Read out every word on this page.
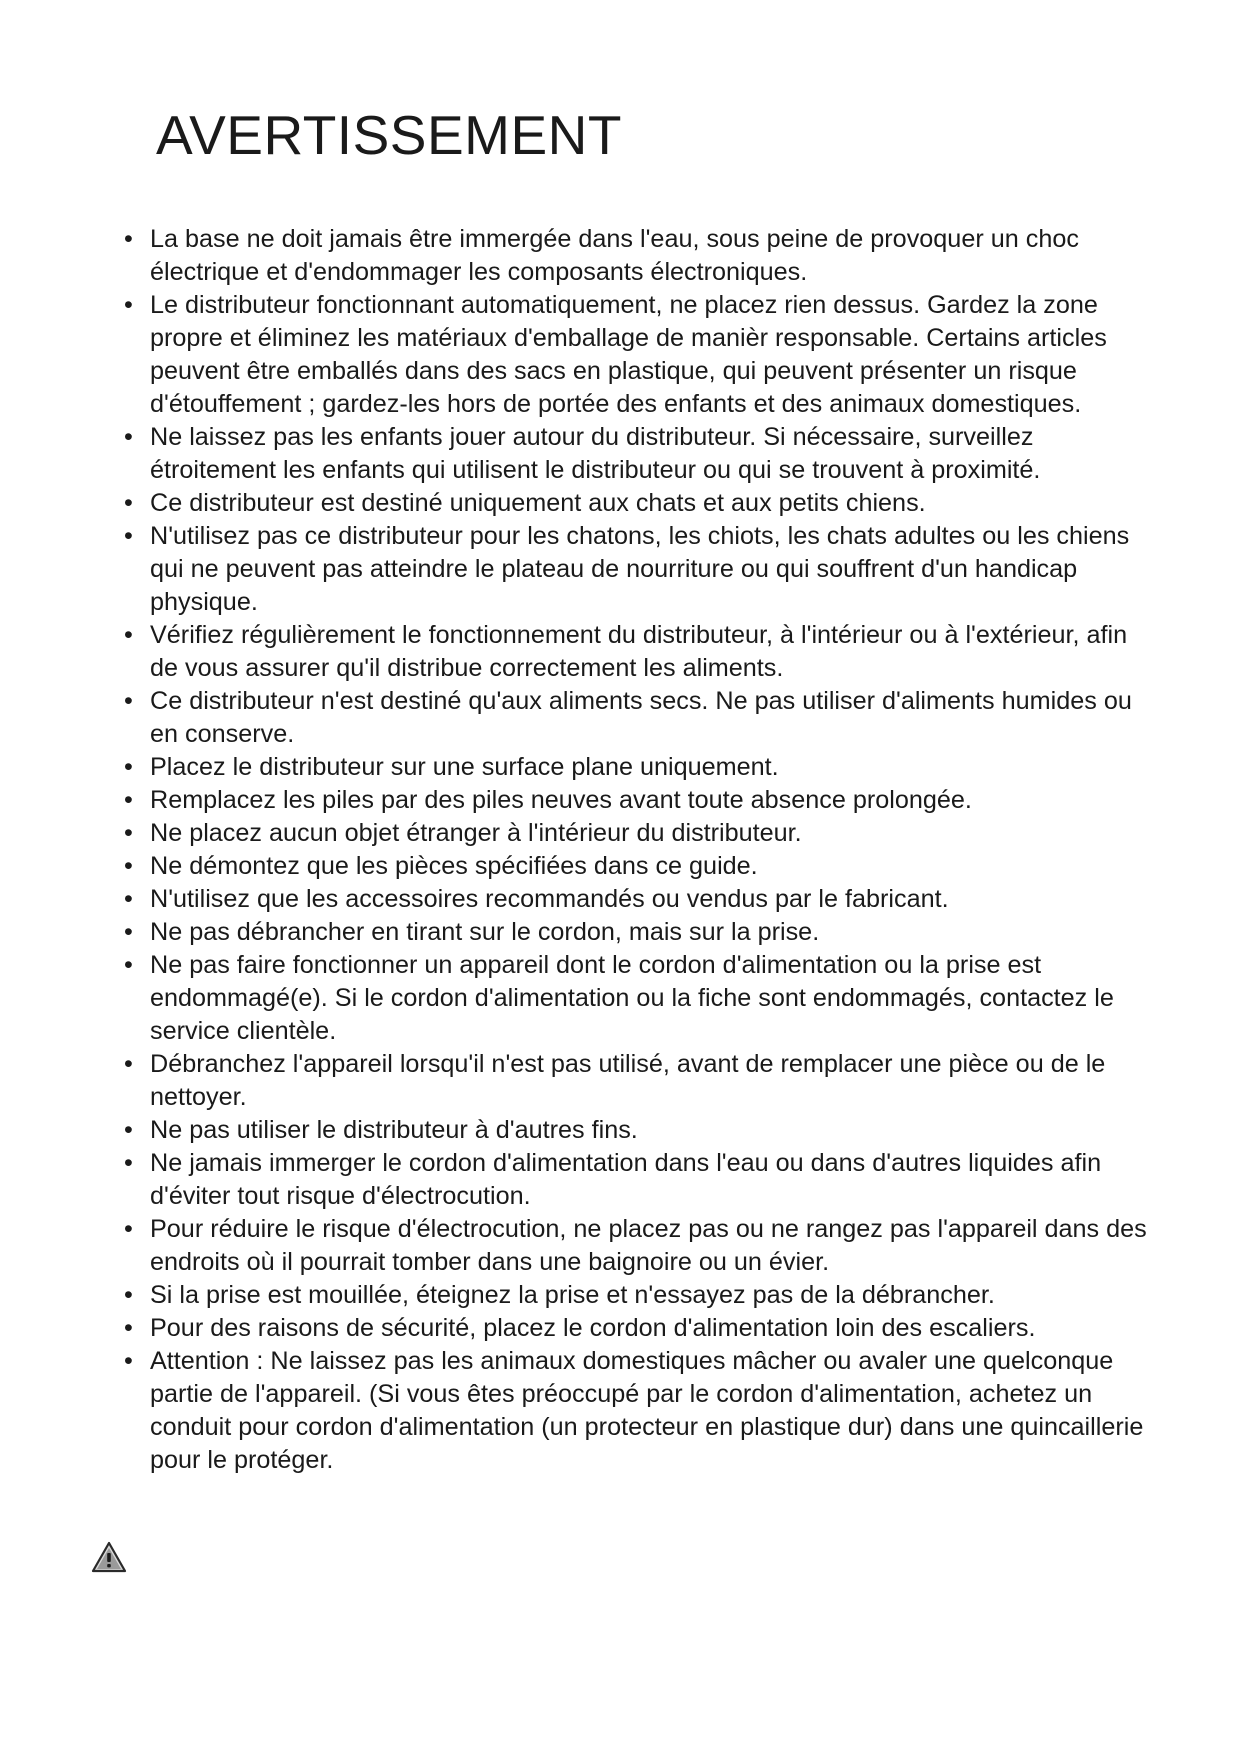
AVERTISSEMENT
• La base ne doit jamais être immergée dans l'eau, sous peine de provoquer un choc électrique et d'endommager les composants électroniques.
• Le distributeur fonctionnant automatiquement, ne placez rien dessus. Gardez la zone propre et éliminez les matériaux d'emballage de manièr responsable. Certains articles peuvent être emballés dans des sacs en plastique, qui peuvent présenter un risque d'étouffement ; gardez-les hors de portée des enfants et des animaux domestiques.
• Ne laissez pas les enfants jouer autour du distributeur. Si nécessaire, surveillez étroitement les enfants qui utilisent le distributeur ou qui se trouvent à proximité.
• Ce distributeur est destiné uniquement aux chats et aux petits chiens.
• N'utilisez pas ce distributeur pour les chatons, les chiots, les chats adultes ou les chiens qui ne peuvent pas atteindre le plateau de nourriture ou qui souffrent d'un handicap physique.
• Vérifiez régulièrement le fonctionnement du distributeur, à l'intérieur ou à l'extérieur, afin de vous assurer qu'il distribue correctement les aliments.
• Ce distributeur n'est destiné qu'aux aliments secs. Ne pas utiliser d'aliments humides ou en conserve.
• Placez le distributeur sur une surface plane uniquement.
• Remplacez les piles par des piles neuves avant toute absence prolongée.
• Ne placez aucun objet étranger à l'intérieur du distributeur.
• Ne démontez que les pièces spécifiées dans ce guide.
• N'utilisez que les accessoires recommandés ou vendus par le fabricant.
• Ne pas débrancher en tirant sur le cordon, mais sur la prise.
• Ne pas faire fonctionner un appareil dont le cordon d'alimentation ou la prise est endommagé(e). Si le cordon d'alimentation ou la fiche sont endommagés, contactez le service clientèle.
• Débranchez l'appareil lorsqu'il n'est pas utilisé, avant de remplacer une pièce ou de le nettoyer.
• Ne pas utiliser le distributeur à d'autres fins.
• Ne jamais immerger le cordon d'alimentation dans l'eau ou dans d'autres liquides afin d'éviter tout risque d'électrocution.
• Pour réduire le risque d'électrocution, ne placez pas ou ne rangez pas l'appareil dans des endroits où il pourrait tomber dans une baignoire ou un évier.
• Si la prise est mouillée, éteignez la prise et n'essayez pas de la débrancher.
• Pour des raisons de sécurité, placez le cordon d'alimentation loin des escaliers.
• Attention : Ne laissez pas les animaux domestiques mâcher ou avaler une quelconque partie de l'appareil. (Si vous êtes préoccupé par le cordon d'alimentation, achetez un conduit pour cordon d'alimentation (un protecteur en plastique dur) dans une quincaillerie pour le protéger.
